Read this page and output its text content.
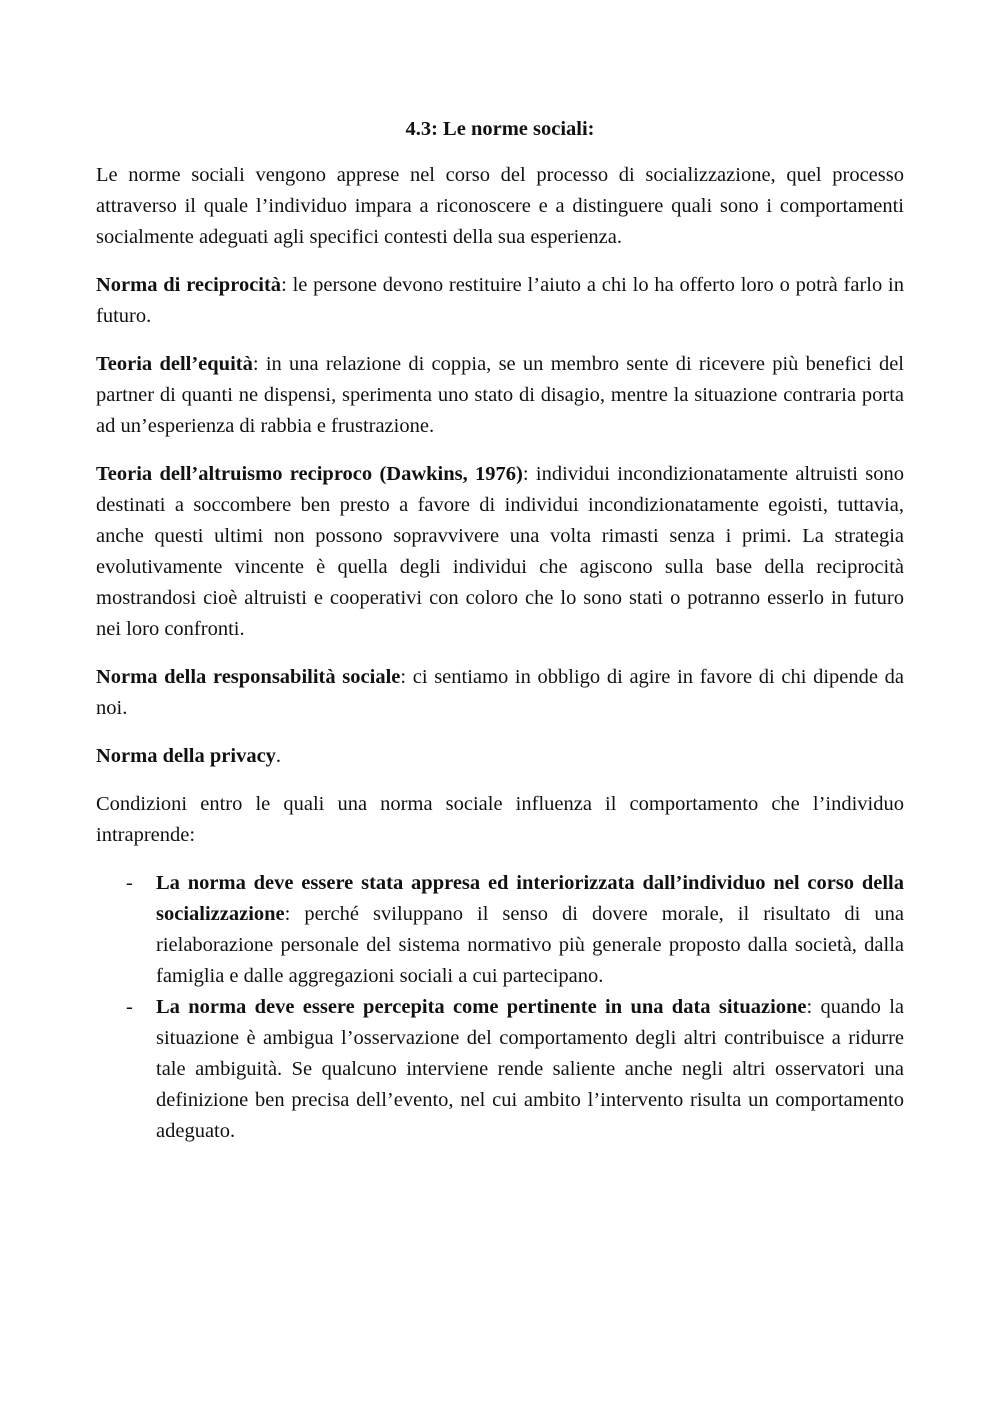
4.3: Le norme sociali:

Le norme sociali vengono apprese nel corso del processo di socializzazione, quel processo attraverso il quale l’individuo impara a riconoscere e a distinguere quali sono i comportamenti socialmente adeguati agli specifici contesti della sua esperienza.

Norma di reciprocità: le persone devono restituire l’aiuto a chi lo ha offerto loro o potrà farlo in futuro.

Teoria dell’equità: in una relazione di coppia, se un membro sente di ricevere più benefici del partner di quanti ne dispensi, sperimenta uno stato di disagio, mentre la situazione contraria porta ad un’esperienza di rabbia e frustrazione.

Teoria dell’altruismo reciproco (Dawkins, 1976): individui incondizionatamente altruisti sono destinati a soccombere ben presto a favore di individui incondizionatamente egoisti, tuttavia, anche questi ultimi non possono sopravvivere una volta rimasti senza i primi. La strategia evolutivamente vincente è quella degli individui che agiscono sulla base della reciprocità mostrandosi cioè altruisti e cooperativi con coloro che lo sono stati o potranno esserlo in futuro nei loro confronti.

Norma della responsabilità sociale: ci sentiamo in obbligo di agire in favore di chi dipende da noi.

Norma della privacy.

Condizioni entro le quali una norma sociale influenza il comportamento che l’individuo intraprende:

- La norma deve essere stata appresa ed interiorizzata dall’individuo nel corso della socializzazione: perché sviluppano il senso di dovere morale, il risultato di una rielaborazione personale del sistema normativo più generale proposto dalla società, dalla famiglia e dalle aggregazioni sociali a cui partecipano.
- La norma deve essere percepita come pertinente in una data situazione: quando la situazione è ambigua l’osservazione del comportamento degli altri contribuisce a ridurre tale ambiguità. Se qualcuno interviene rende saliente anche negli altri osservatori una definizione ben precisa dell’evento, nel cui ambito l’intervento risulta un comportamento adeguato.
